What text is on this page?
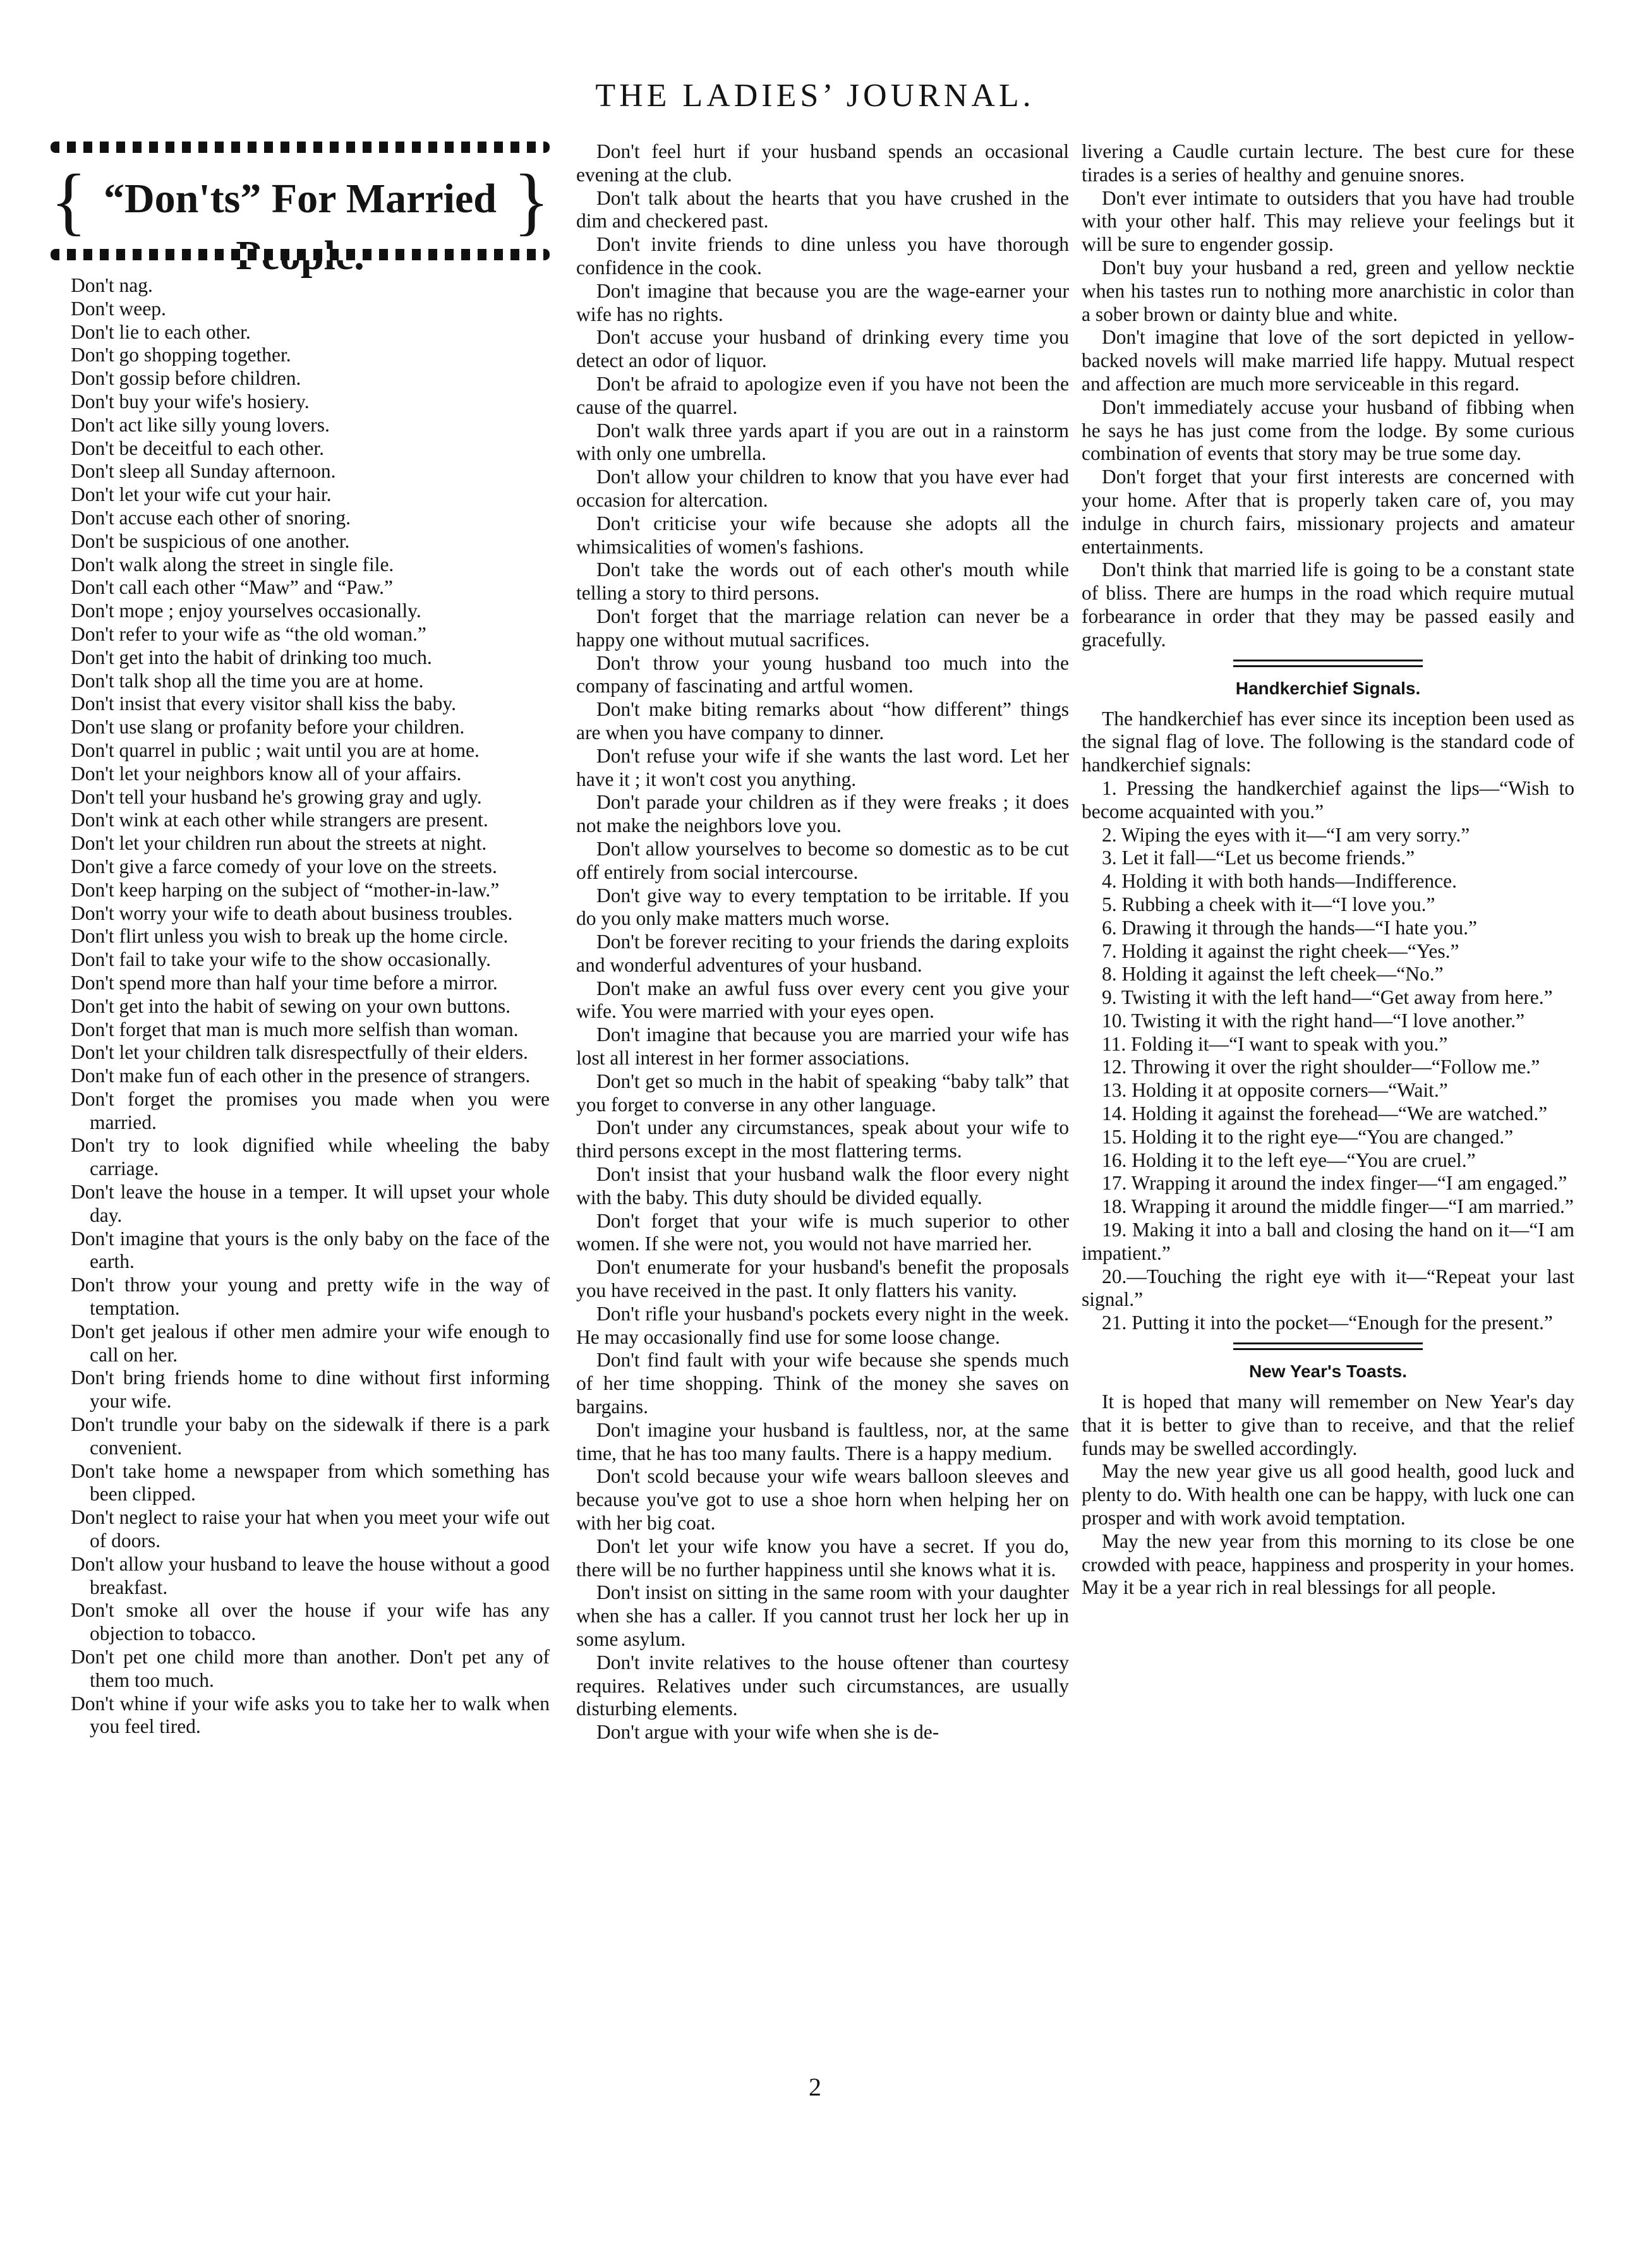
THE LADIES’ JOURNAL.
{ “Don'ts” For Married }

Don't nag.

Don't weep.

Don't lie to each other.

Don't go shopping together.

Don't gossip before children.

Don't buy your wife's hosiery.

Don't act like silly young lovers.

Don't be deceitful to each other.

Don't sleep all Sunday afternoon.

Don't let your wife cut your hair.

Don't accuse each other of snoring.

Don't be suspicious of one another.

Don't walk along the street in single file.

Don't call each other “Maw” and “Paw.”

Don't mope ; enjoy yourselves occasionally.

Don't refer to your wife as “the old woman.”

Don't get into the habit of drinking too much.

Don't talk shop all the time you are at home.

Don't insist that every visitor shall kiss the baby.

Don't use slang or profanity before your children.

Don't quarrel in public ; wait until you are at home.

Don't let your neighbors know all of your affairs.

Don't tell your husband he's growing gray and ugly.

Don't wink at each other while strangers are present.

Don't let your children run about the streets at night.

Don't give a farce comedy of your love on the streets.

Don't keep harping on the subject of “mother-in-law.”

Don't worry your wife to death about business troubles.

Don't flirt unless you wish to break up the home circle.

Don't fail to take your wife to the show occasionally.

Don't spend more than half your time before a mirror.

Don't get into the habit of sewing on your own buttons.

Don't forget that man is much more selfish than woman.

Don't let your children talk disrespectfully of their elders.

Don't make fun of each other in the presence of strangers.

Don't forget the promises you made when you were married.

Don't try to look dignified while wheeling the baby carriage.

Don't leave the house in a temper. It will upset your whole day.

Don't imagine that yours is the only baby on the face of the earth.

Don't throw your young and pretty wife in the way of temptation.

Don't get jealous if other men admire your wife enough to call on her.

Don't bring friends home to dine without first informing your wife.

Don't trundle your baby on the sidewalk if there is a park convenient.

Don't take home a newspaper from which something has been clipped.

Don't neglect to raise your hat when you meet your wife out of doors.

Don't allow your husband to leave the house without a good breakfast.

Don't smoke all over the house if your wife has any objection to tobacco.

Don't pet one child more than another. Don't pet any of them too much.

Don't whine if your wife asks you to take her to walk when you feel tired.

Don't feel hurt if your husband spends an occasional evening at the club.

Don't talk about the hearts that you have crushed in the dim and checkered past.

Don't invite friends to dine unless you have thorough confidence in the cook.

Don't imagine that because you are the wage-earner your wife has no rights.

Don't accuse your husband of drinking every time you detect an odor of liquor.

Don't be afraid to apologize even if you have not been the cause of the quarrel.

Don't walk three yards apart if you are out in a rainstorm with only one umbrella.

Don't allow your children to know that you have ever had occasion for altercation.

Don't criticise your wife because she adopts all the whimsicalities of women's fashions.

Don't take the words out of each other's mouth while telling a story to third persons.

Don't forget that the marriage relation can never be a happy one without mutual sacrifices.

Don't throw your young husband too much into the company of fascinating and artful women.

Don't make biting remarks about “how different” things are when you have company to dinner.

Don't refuse your wife if she wants the last word. Let her have it ; it won't cost you anything.

Don't parade your children as if they were freaks ; it does not make the neighbors love you.

Don't allow yourselves to become so domestic as to be cut off entirely from social intercourse.

Don't give way to every temptation to be irritable. If you do you only make matters much worse.

Don't be forever reciting to your friends the daring exploits and wonderful adventures of your husband.

Don't make an awful fuss over every cent you give your wife. You were married with your eyes open.

Don't imagine that because you are married your wife has lost all interest in her former associations.

Don't get so much in the habit of speaking “baby talk” that you forget to converse in any other language.

Don't under any circumstances, speak about your wife to third persons except in the most flattering terms.

Don't insist that your husband walk the floor every night with the baby. This duty should be divided equally.

Don't forget that your wife is much superior to other women. If she were not, you would not have married her.

Don't enumerate for your husband's benefit the proposals you have received in the past. It only flatters his vanity.

Don't rifle your husband's pockets every night in the week. He may occasionally find use for some loose change.

Don't find fault with your wife because she spends much of her time shopping. Think of the money she saves on bargains.

Don't imagine your husband is faultless, nor, at the same time, that he has too many faults. There is a happy medium.

Don't scold because your wife wears balloon sleeves and because you've got to use a shoe horn when helping her on with her big coat.

Don't let your wife know you have a secret. If you do, there will be no further happiness until she knows what it is.

Don't insist on sitting in the same room with your daughter when she has a caller. If you cannot trust her lock her up in some asylum.

Don't invite relatives to the house oftener than courtesy requires. Relatives under such circumstances, are usually disturbing elements.

Don't argue with your wife when she is de-

livering a Caudle curtain lecture. The best cure for these tirades is a series of healthy and genuine snores.

Don't ever intimate to outsiders that you have had trouble with your other half. This may relieve your feelings but it will be sure to engender gossip.

Don't buy your husband a red, green and yellow necktie when his tastes run to nothing more anarchistic in color than a sober brown or dainty blue and white.

Don't imagine that love of the sort depicted in yellow-backed novels will make married life happy. Mutual respect and affection are much more serviceable in this regard.

Don't immediately accuse your husband of fibbing when he says he has just come from the lodge. By some curious combination of events that story may be true some day.

Don't forget that your first interests are concerned with your home. After that is properly taken care of, you may indulge in church fairs, missionary projects and amateur entertainments.

Don't think that married life is going to be a constant state of bliss. There are humps in the road which require mutual forbearance in order that they may be passed easily and gracefully.

Handkerchief Signals.

The handkerchief has ever since its inception been used as the signal flag of love. The following is the standard code of handkerchief signals:

1. Pressing the handkerchief against the lips—“Wish to become acquainted with you.”

2. Wiping the eyes with it—“I am very sorry.”

3. Let it fall—“Let us become friends.”

4. Holding it with both hands—Indifference.

5. Rubbing a cheek with it—“I love you.”

6. Drawing it through the hands—“I hate you.”

7. Holding it against the right cheek—“Yes.”

8. Holding it against the left cheek—“No.”

9. Twisting it with the left hand—“Get away from here.”

10. Twisting it with the right hand—“I love another.”

11. Folding it—“I want to speak with you.”

12. Throwing it over the right shoulder—“Follow me.”

13. Holding it at opposite corners—“Wait.”

14. Holding it against the forehead—“We are watched.”

15. Holding it to the right eye—“You are changed.”

16. Holding it to the left eye—“You are cruel.”

17. Wrapping it around the index finger—“I am engaged.”

18. Wrapping it around the middle finger—“I am married.”

19. Making it into a ball and closing the hand on it—“I am impatient.”

20.—Touching the right eye with it—“Repeat your last signal.”

21. Putting it into the pocket—“Enough for the present.”

New Year's Toasts.

It is hoped that many will remember on New Year's day that it is better to give than to receive, and that the relief funds may be swelled accordingly.

May the new year give us all good health, good luck and plenty to do. With health one can be happy, with luck one can prosper and with work avoid temptation.

May the new year from this morning to its close be one crowded with peace, happiness and prosperity in your homes. May it be a year rich in real blessings for all people.

2
